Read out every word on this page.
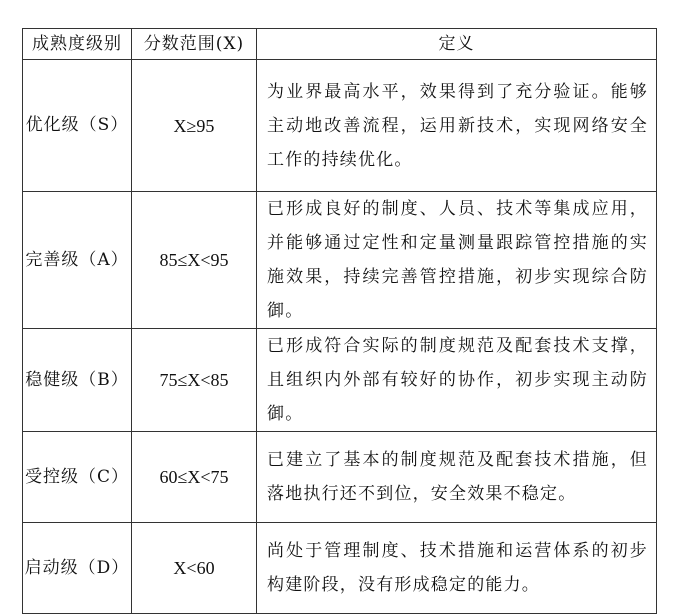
成熟度级别	分数范围(X)	定义
优化级（S）	X≥95	为业界最高水平，效果得到了充分验证。能够主动地改善流程，运用新技术，实现网络安全工作的持续优化。
完善级（A）	85≤X<95	已形成良好的制度、人员、技术等集成应用，并能够通过定性和定量测量跟踪管控措施的实施效果，持续完善管控措施，初步实现综合防御。
稳健级（B）	75≤X<85	已形成符合实际的制度规范及配套技术支撑，且组织内外部有较好的协作，初步实现主动防御。
受控级（C）	60≤X<75	已建立了基本的制度规范及配套技术措施，但落地执行还不到位，安全效果不稳定。
启动级（D）	X<60	尚处于管理制度、技术措施和运营体系的初步构建阶段，没有形成稳定的能力。
